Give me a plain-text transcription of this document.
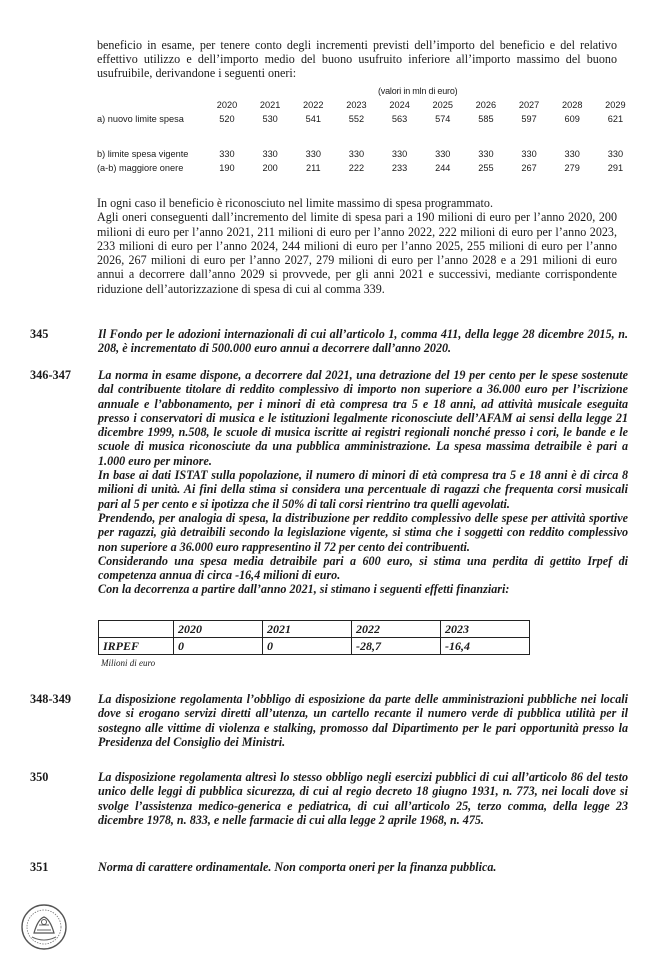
beneficio in esame, per tenere conto degli incrementi previsti dell’importo del beneficio e del relativo effettivo utilizzo e dell’importo medio del buono usufruito inferiore all’importo massimo del buono usufruibile, derivandone i seguenti oneri:
(valori in mln di euro)
	2020	2021	2022	2023	2024	2025	2026	2027	2028	2029
a) nuovo limite spesa	520	530	541	552	563	574	585	597	609	621

b) limite spesa vigente	330	330	330	330	330	330	330	330	330	330
(a-b) maggiore onere	190	200	211	222	233	244	255	267	279	291

In ogni caso il beneficio è riconosciuto nel limite massimo di spesa programmato.

Agli oneri conseguenti dall’incremento del limite di spesa pari a 190 milioni di euro per l’anno 2020, 200 milioni di euro per l’anno 2021, 211 milioni di euro per l’anno 2022, 222 milioni di euro per l’anno 2023, 233 milioni di euro per l’anno 2024, 244 milioni di euro per l’anno 2025, 255 milioni di euro per l’anno 2026, 267 milioni di euro per l’anno 2027, 279 milioni di euro per l’anno 2028 e a 291 milioni di euro annui a decorrere dall’anno 2029 si provvede, per gli anni 2021 e successivi, mediante corrispondente riduzione dell’autorizzazione di spesa di cui al comma 339.

345	Il Fondo per le adozioni internazionali di cui all’articolo 1, comma 411, della legge 28 dicembre 2015, n. 208, è incrementato di 500.000 euro annui a decorrere dall’anno 2020.

346-347 La norma in esame dispone, a decorrere dal 2021, una detrazione del 19 per cento per le spese sostenute dal contribuente titolare di reddito complessivo di importo non superiore a 36.000 euro per l’iscrizione annuale e l’abbonamento, per i minori di età compresa tra 5 e 18 anni, ad attività musicale eseguita presso i conservatori di musica e le istituzioni legalmente riconosciute dell’AFAM ai sensi della legge 21 dicembre 1999, n.508, le scuole di musica iscritte ai registri regionali nonché presso i cori, le bande e le scuole di musica riconosciute da una pubblica amministrazione. La spesa massima detraibile è pari a 1.000 euro per minore.

In base ai dati ISTAT sulla popolazione, il numero di minori di età compresa tra 5 e 18 anni è di circa 8 milioni di unità. Ai fini della stima si considera una percentuale di ragazzi che frequenta corsi musicali pari al 5 per cento e si ipotizza che il 50% di tali corsi rientrino tra quelli agevolati.

Prendendo, per analogia di spesa, la distribuzione per reddito complessivo delle spese per attività sportive per ragazzi, già detraibili secondo la legislazione vigente, si stima che i soggetti con reddito complessivo non superiore a 36.000 euro rappresentino il 72 per cento dei contribuenti.

Considerando una spesa media detraibile pari a 600 euro, si stima una perdita di gettito Irpef di competenza annua di circa -16,4 milioni di euro.

Con la decorrenza a partire dall’anno 2021, si stimano i seguenti effetti finanziari:

	2020	2021	2022	2023
IRPEF	0	0	-28,7	-16,4
Milioni di euro
348-349 La disposizione regolamenta l’obbligo di esposizione da parte delle amministrazioni pubbliche nei locali dove si erogano servizi diretti all’utenza, un cartello recante il numero verde di pubblica utilità per il sostegno alle vittime di violenza e stalking, promosso dal Dipartimento per le pari opportunità presso la Presidenza del Consiglio dei Ministri.

350	La disposizione regolamenta altresì lo stesso obbligo negli esercizi pubblici di cui all’articolo 86 del testo unico delle leggi di pubblica sicurezza, di cui al regio decreto 18 giugno 1931, n. 773, nei locali dove si svolge l’assistenza medico-generica e pediatrica, di cui all’articolo 25, terzo comma, della legge 23 dicembre 1978, n. 833, e nelle farmacie di cui alla legge 2 aprile 1968, n. 475.

351	Norma di carattere ordinamentale. Non comporta oneri per la finanza pubblica.
